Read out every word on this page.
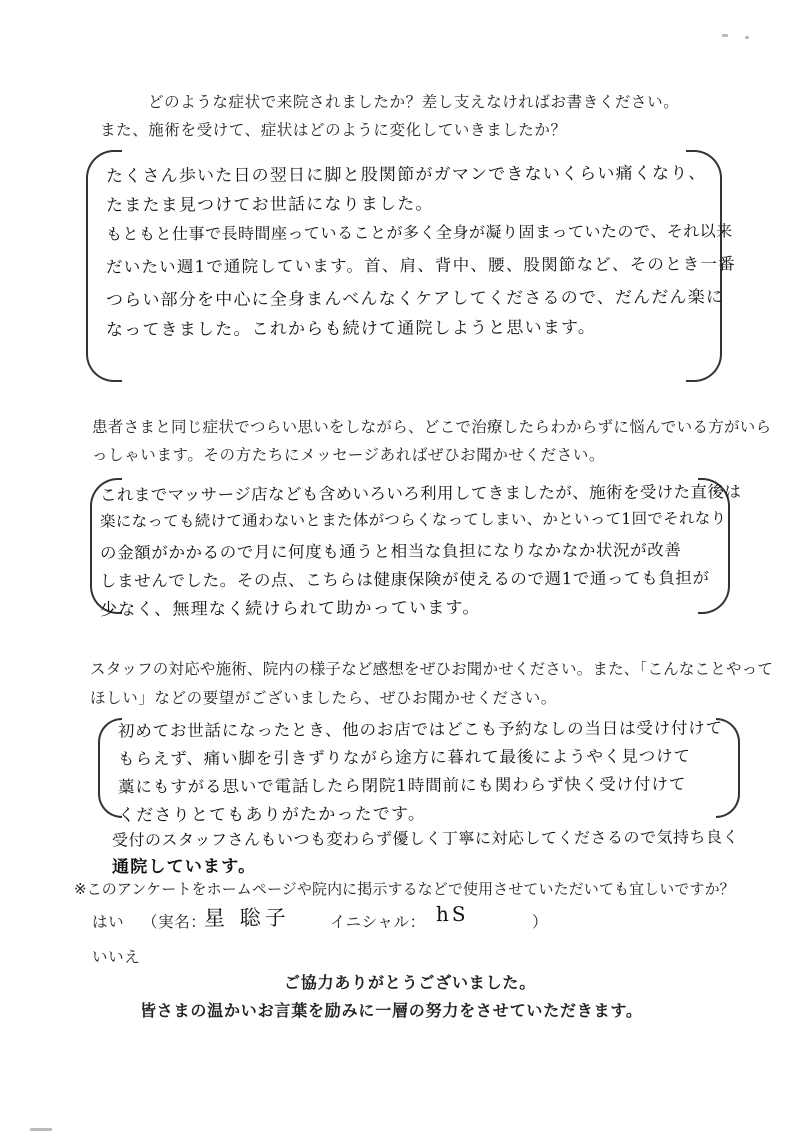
どのような症状で来院されましたか？差し支えなければお書きください。
また、施術を受けて、症状はどのように変化していきましたか？
たくさん歩いた日の翌日に脚と股関節がガマンできないくらい痛くなり、
たまたま見つけてお世話になりました。
もともと仕事で長時間座っていることが多く全身が凝り固まっていたので、それ以来
だいたい週1で通院しています。首、肩、背中、腰、股関節など、そのとき一番
つらい部分を中心に全身まんべんなくケアしてくださるので、だんだん楽に
なってきました。これからも続けて通院しようと思います。
患者さまと同じ症状でつらい思いをしながら、どこで治療したらわからずに悩んでいる方がいら
っしゃいます。その方たちにメッセージあればぜひお聞かせください。
これまでマッサージ店なども含めいろいろ利用してきましたが、施術を受けた直後は
楽になっても続けて通わないとまた体がつらくなってしまい、かといって1回でそれなり
の金額がかかるので月に何度も通うと相当な負担になりなかなか状況が改善
しませんでした。その点、こちらは健康保険が使えるので週1で通っても負担が
少なく、無理なく続けられて助かっています。
スタッフの対応や施術、院内の様子など感想をぜひお聞かせください。また、「こんなことやって
ほしい」などの要望がございましたら、ぜひお聞かせください。
初めてお世話になったとき、他のお店ではどこも予約なしの当日は受け付けて
もらえず、痛い脚を引きずりながら途方に暮れて最後にようやく見つけて
藁にもすがる思いで電話したら閉院1時間前にも関わらず快く受け付けて
くださりとてもありがたかったです。
受付のスタッフさんもいつも変わらず優しく丁寧に対応してくださるので気持ち良く
通院しています。
※このアンケートをホームページや院内に掲示するなどで使用させていただいても宜しいですか？
はい （実名：
星 聡子	イニシャル： hS	）
いいえ
ご協力ありがとうございました。
皆さまの温かいお言葉を励みに一層の努力をさせていただきます。
